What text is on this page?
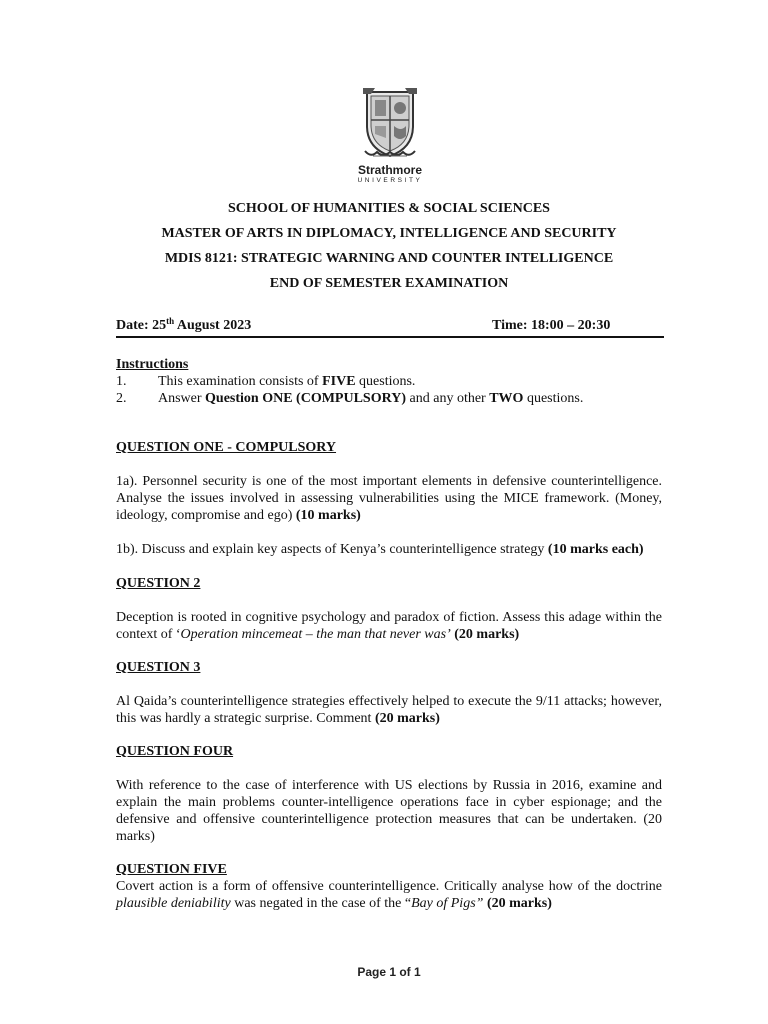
Strathmore
UNIVERSITY
SCHOOL OF HUMANITIES & SOCIAL SCIENCES
MASTER OF ARTS IN DIPLOMACY, INTELLIGENCE AND SECURITY
MDIS 8121: STRATEGIC WARNING AND COUNTER INTELLIGENCE
END OF SEMESTER EXAMINATION
Date: 25th August 2023	Time: 18:00 – 20:30
Instructions
1. This examination consists of FIVE questions.
2. Answer Question ONE (COMPULSORY) and any other TWO questions.
QUESTION ONE - COMPULSORY
1a). Personnel security is one of the most important elements in defensive counterintelligence. Analyse the issues involved in assessing vulnerabilities using the MICE framework. (Money, ideology, compromise and ego) (10 marks)
1b). Discuss and explain key aspects of Kenya’s counterintelligence strategy (10 marks each)
QUESTION 2
Deception is rooted in cognitive psychology and paradox of fiction. Assess this adage within the context of ‘Operation mincemeat – the man that never was’ (20 marks)
QUESTION 3
Al Qaida’s counterintelligence strategies effectively helped to execute the 9/11 attacks; however, this was hardly a strategic surprise. Comment (20 marks)
QUESTION FOUR
With reference to the case of interference with US elections by Russia in 2016, examine and explain the main problems counter-intelligence operations face in cyber espionage; and the defensive and offensive counterintelligence protection measures that can be undertaken. (20 marks)
QUESTION FIVE
Covert action is a form of offensive counterintelligence. Critically analyse how of the doctrine plausible deniability was negated in the case of the “Bay of Pigs” (20 marks)
Page 1 of 1
